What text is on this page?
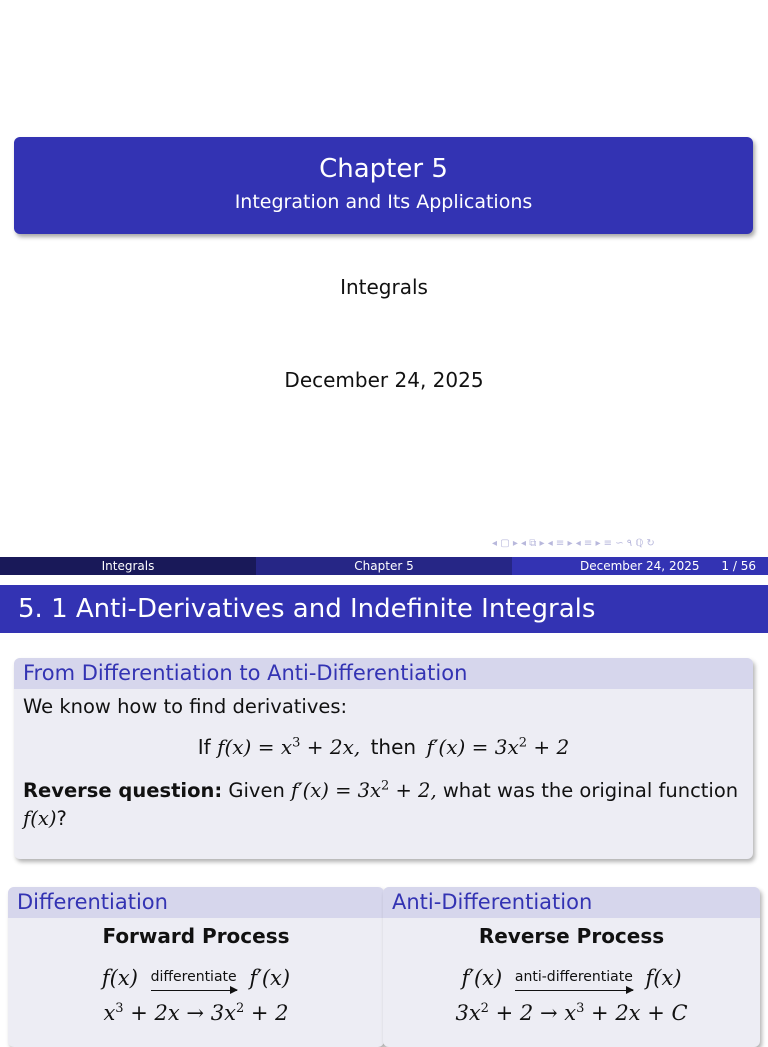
Chapter 5
Integration and Its Applications
Integrals
December 24, 2025
◂ ▢ ▸ ◂ ⧉ ▸ ◂ ≡ ▸ ◂ ≡ ▸ ≡ ∽ ٩ ℚ ↻
Integrals	Chapter 5	December 24, 2025 1 / 56
5. 1 Anti-Derivatives and Indefinite Integrals
From Differentiation to Anti-Differentiation
We know how to find derivatives:
If $f(x) = x^3 + 2x$, then $f'(x) = 3x^2 + 2$
Reverse question: Given $f'(x) = 3x^2 + 2$, what was the original function
f(x)?
Differentiation
Forward Process
f(x) $^{differentiate}$ f′(x)
$x^3 + 2x \to 3x^2 + 2$
Anti-Differentiation
Reverse Process
f′(x) $^{anti-differentiate}$ f(x)
$3x^2 + 2 \to x^3 + 2x + C$
